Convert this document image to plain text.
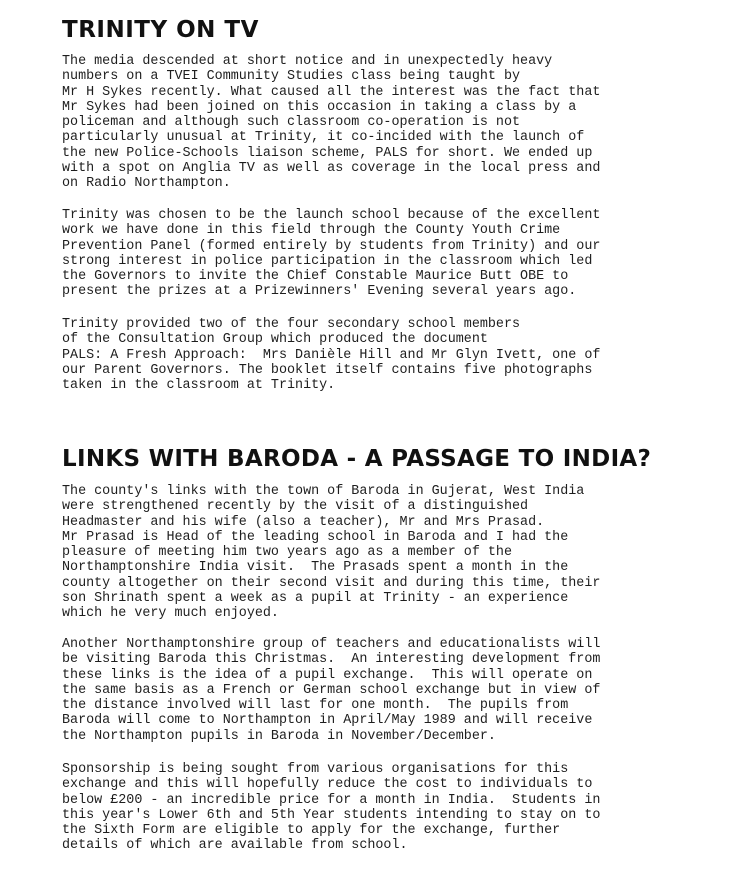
TRINITY ON TV
The media descended at short notice and in unexpectedly heavy
numbers on a TVEI Community Studies class being taught by
Mr H Sykes recently. What caused all the interest was the fact that
Mr Sykes had been joined on this occasion in taking a class by a
policeman and although such classroom co-operation is not
particularly unusual at Trinity, it co-incided with the launch of
the new Police-Schools liaison scheme, PALS for short. We ended up
with a spot on Anglia TV as well as coverage in the local press and
on Radio Northampton.
Trinity was chosen to be the launch school because of the excellent
work we have done in this field through the County Youth Crime
Prevention Panel (formed entirely by students from Trinity) and our
strong interest in police participation in the classroom which led
the Governors to invite the Chief Constable Maurice Butt OBE to
present the prizes at a Prizewinners' Evening several years ago.
Trinity provided two of the four secondary school members
of the Consultation Group which produced the document
PALS: A Fresh Approach:  Mrs Danièle Hill and Mr Glyn Ivett, one of
our Parent Governors. The booklet itself contains five photographs
taken in the classroom at Trinity.
LINKS WITH BARODA - A PASSAGE TO INDIA?
The county's links with the town of Baroda in Gujerat, West India
were strengthened recently by the visit of a distinguished
Headmaster and his wife (also a teacher), Mr and Mrs Prasad.
Mr Prasad is Head of the leading school in Baroda and I had the
pleasure of meeting him two years ago as a member of the
Northamptonshire India visit.  The Prasads spent a month in the
county altogether on their second visit and during this time, their
son Shrinath spent a week as a pupil at Trinity - an experience
which he very much enjoyed.
Another Northamptonshire group of teachers and educationalists will
be visiting Baroda this Christmas.  An interesting development from
these links is the idea of a pupil exchange.  This will operate on
the same basis as a French or German school exchange but in view of
the distance involved will last for one month.  The pupils from
Baroda will come to Northampton in April/May 1989 and will receive
the Northampton pupils in Baroda in November/December.
Sponsorship is being sought from various organisations for this
exchange and this will hopefully reduce the cost to individuals to
below £200 - an incredible price for a month in India.  Students in
this year's Lower 6th and 5th Year students intending to stay on to
the Sixth Form are eligible to apply for the exchange, further
details of which are available from school.
